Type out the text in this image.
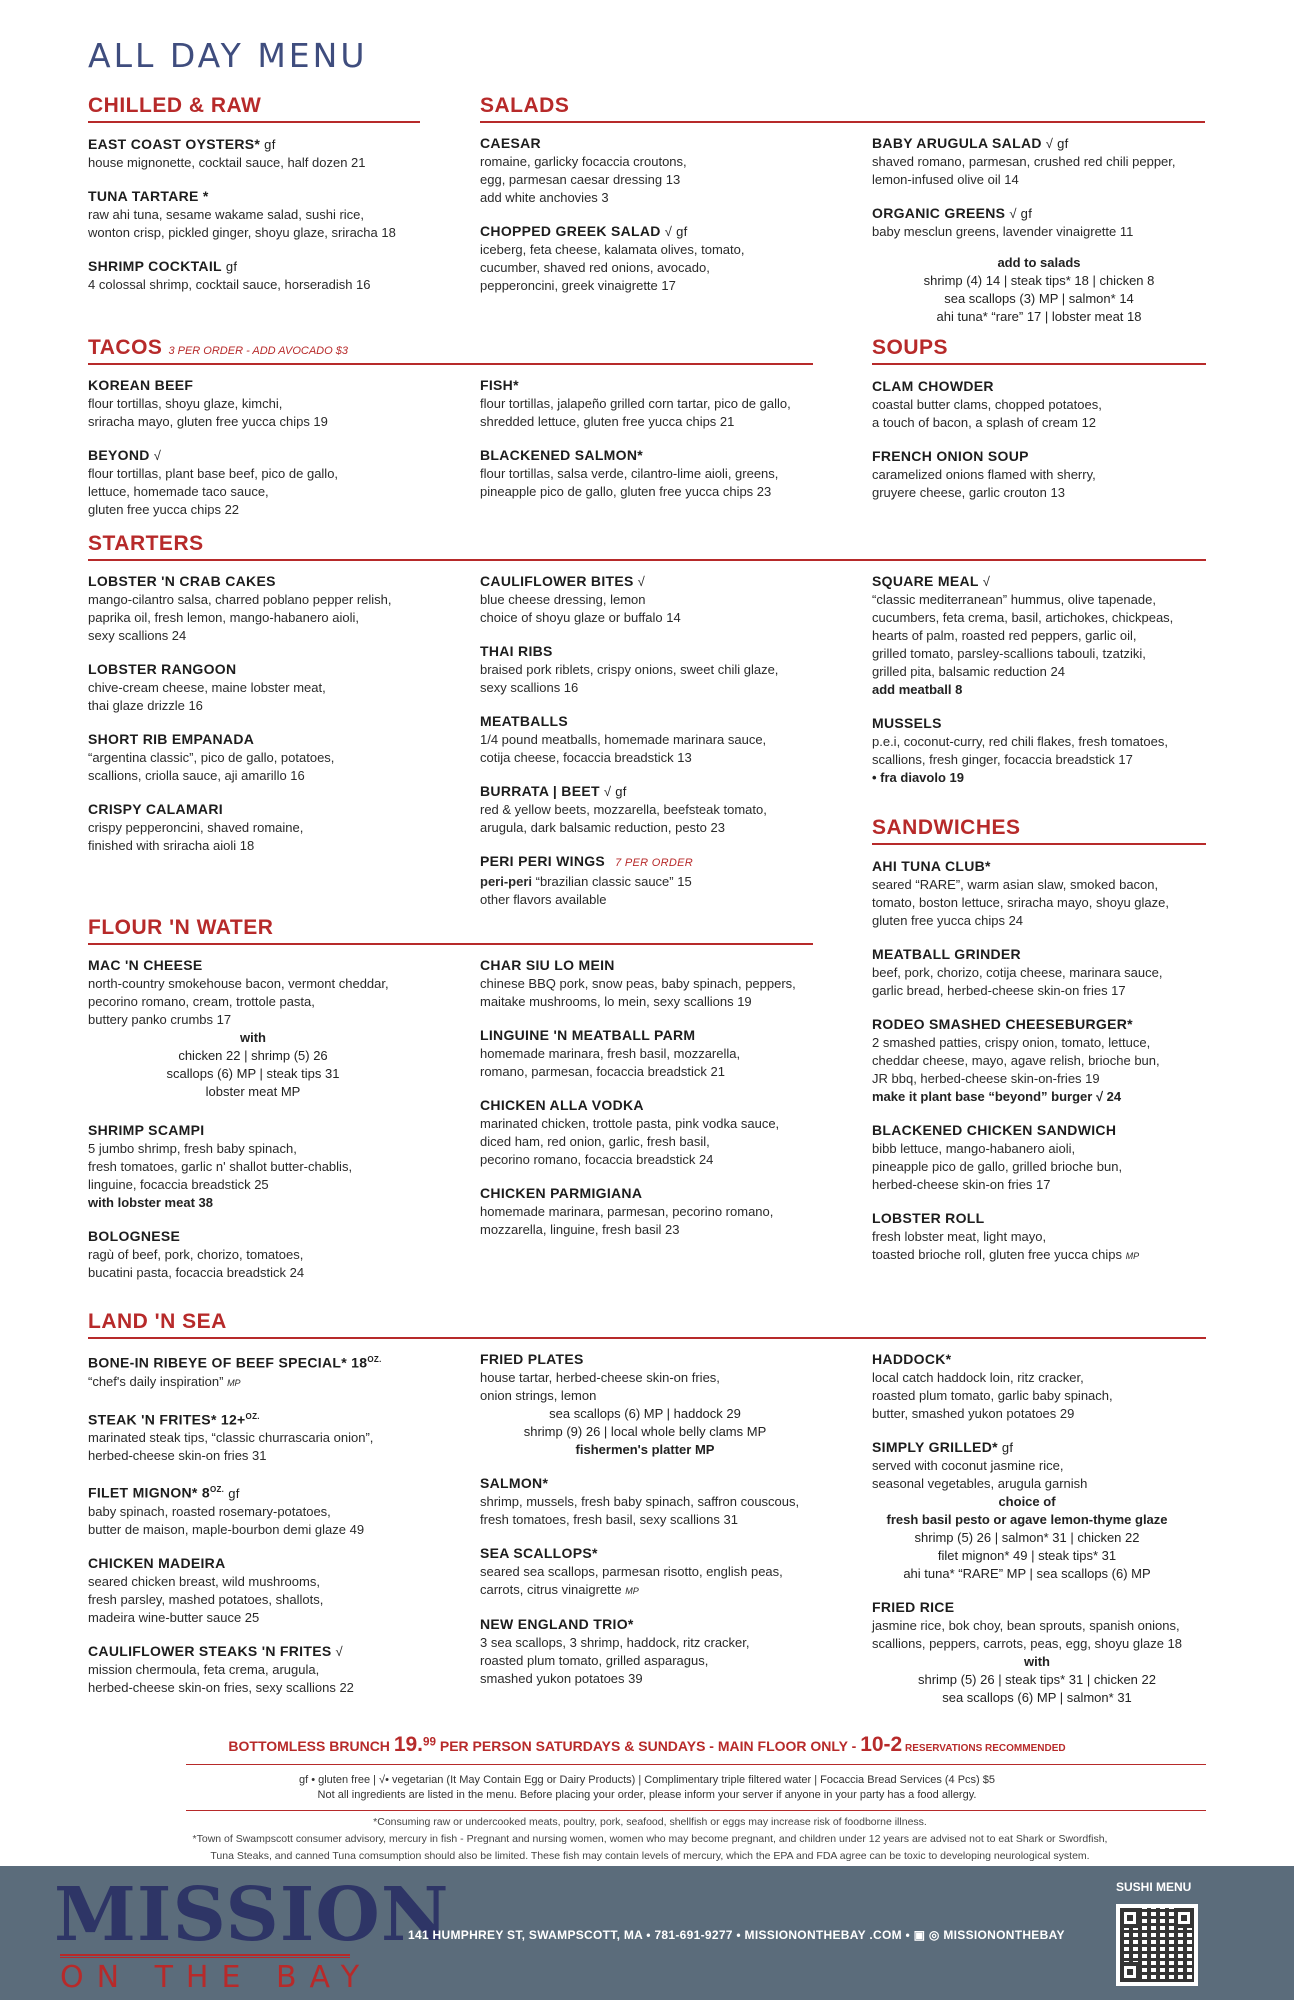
ALL DAY MENU
CHILLED & RAW
EAST COAST OYSTERS* gf
house mignonette, cocktail sauce, half dozen 21
TUNA TARTARE *
raw ahi tuna, sesame wakame salad, sushi rice,
wonton crisp, pickled ginger, shoyu glaze, sriracha 18
SHRIMP COCKTAIL gf
4 colossal shrimp, cocktail sauce, horseradish 16
SALADS
CAESAR
romaine, garlicky focaccia croutons,
egg, parmesan caesar dressing 13
add white anchovies 3
CHOPPED GREEK SALAD √ gf
iceberg, feta cheese, kalamata olives, tomato,
cucumber, shaved red onions, avocado,
pepperoncini, greek vinaigrette 17
BABY ARUGULA SALAD √ gf
shaved romano, parmesan, crushed red chili pepper,
lemon-infused olive oil 14
ORGANIC GREENS √ gf
baby mesclun greens, lavender vinaigrette 11
add to salads
shrimp (4) 14 | steak tips* 18 | chicken 8
sea scallops (3) MP | salmon* 14
ahi tuna* “rare” 17 | lobster meat 18
TACOS 3 PER ORDER - ADD AVOCADO $3
KOREAN BEEF
flour tortillas, shoyu glaze, kimchi,
sriracha mayo, gluten free yucca chips 19
BEYOND √
flour tortillas, plant base beef, pico de gallo,
lettuce, homemade taco sauce,
gluten free yucca chips 22
FISH*
flour tortillas, jalapeño grilled corn tartar, pico de gallo,
shredded lettuce, gluten free yucca chips 21
BLACKENED SALMON*
flour tortillas, salsa verde, cilantro-lime aioli, greens,
pineapple pico de gallo, gluten free yucca chips 23
SOUPS
CLAM CHOWDER
coastal butter clams, chopped potatoes,
a touch of bacon, a splash of cream 12
FRENCH ONION SOUP
caramelized onions flamed with sherry,
gruyere cheese, garlic crouton 13
STARTERS
LOBSTER 'N CRAB CAKES
mango-cilantro salsa, charred poblano pepper relish,
paprika oil, fresh lemon, mango-habanero aioli,
sexy scallions 24
LOBSTER RANGOON
chive-cream cheese, maine lobster meat,
thai glaze drizzle 16
SHORT RIB EMPANADA
“argentina classic”, pico de gallo, potatoes,
scallions, criolla sauce, aji amarillo 16
CRISPY CALAMARI
crispy pepperoncini, shaved romaine,
finished with sriracha aioli 18
CAULIFLOWER BITES √
blue cheese dressing, lemon
choice of shoyu glaze or buffalo 14
THAI RIBS
braised pork riblets, crispy onions, sweet chili glaze,
sexy scallions 16
MEATBALLS
1/4 pound meatballs, homemade marinara sauce,
cotija cheese, focaccia breadstick 13
BURRATA | BEET √ gf
red & yellow beets, mozzarella, beefsteak tomato,
arugula, dark balsamic reduction, pesto 23
PERI PERI WINGS 7 PER ORDER
peri-peri “brazilian classic sauce” 15
other flavors available
SQUARE MEAL √
“classic mediterranean” hummus, olive tapenade,
cucumbers, feta crema, basil, artichokes, chickpeas,
hearts of palm, roasted red peppers, garlic oil,
grilled tomato, parsley-scallions tabouli, tzatziki,
grilled pita, balsamic reduction 24
add meatball 8
MUSSELS
p.e.i, coconut-curry, red chili flakes, fresh tomatoes,
scallions, fresh ginger, focaccia breadstick 17
• fra diavolo 19
SANDWICHES
AHI TUNA CLUB*
seared “RARE”, warm asian slaw, smoked bacon,
tomato, boston lettuce, sriracha mayo, shoyu glaze,
gluten free yucca chips 24
MEATBALL GRINDER
beef, pork, chorizo, cotija cheese, marinara sauce,
garlic bread, herbed-cheese skin-on fries 17
RODEO SMASHED CHEESEBURGER*
2 smashed patties, crispy onion, tomato, lettuce,
cheddar cheese, mayo, agave relish, brioche bun,
JR bbq, herbed-cheese skin-on-fries 19
make it plant base “beyond” burger √ 24
BLACKENED CHICKEN SANDWICH
bibb lettuce, mango-habanero aioli,
pineapple pico de gallo, grilled brioche bun,
herbed-cheese skin-on fries 17
LOBSTER ROLL
fresh lobster meat, light mayo,
toasted brioche roll, gluten free yucca chips MP
FLOUR 'N WATER
MAC 'N CHEESE
north-country smokehouse bacon, vermont cheddar,
pecorino romano, cream, trottole pasta,
buttery panko crumbs 17
with
chicken 22 | shrimp (5) 26
scallops (6) MP | steak tips 31
lobster meat MP
SHRIMP SCAMPI
5 jumbo shrimp, fresh baby spinach,
fresh tomatoes, garlic n' shallot butter-chablis,
linguine, focaccia breadstick 25
with lobster meat 38
BOLOGNESE
ragù of beef, pork, chorizo, tomatoes,
bucatini pasta, focaccia breadstick 24
CHAR SIU LO MEIN
chinese BBQ pork, snow peas, baby spinach, peppers,
maitake mushrooms, lo mein, sexy scallions 19
LINGUINE 'N MEATBALL PARM
homemade marinara, fresh basil, mozzarella,
romano, parmesan, focaccia breadstick 21
CHICKEN ALLA VODKA
marinated chicken, trottole pasta, pink vodka sauce,
diced ham, red onion, garlic, fresh basil,
pecorino romano, focaccia breadstick 24
CHICKEN PARMIGIANA
homemade marinara, parmesan, pecorino romano,
mozzarella, linguine, fresh basil 23
LAND 'N SEA
BONE-IN RIBEYE OF BEEF SPECIAL* $18^{OZ.}$
“chef's daily inspiration” MP
STEAK 'N FRITES* 12+$^{OZ.}$
marinated steak tips, “classic churrascaria onion”,
herbed-cheese skin-on fries 31
FILET MIGNON* $8^{OZ.}$ gf
baby spinach, roasted rosemary-potatoes,
butter de maison, maple-bourbon demi glaze 49
CHICKEN MADEIRA
seared chicken breast, wild mushrooms,
fresh parsley, mashed potatoes, shallots,
madeira wine-butter sauce 25
CAULIFLOWER STEAKS 'N FRITES √
mission chermoula, feta crema, arugula,
herbed-cheese skin-on fries, sexy scallions 22
FRIED PLATES
house tartar, herbed-cheese skin-on fries,
onion strings, lemon
sea scallops (6) MP | haddock 29
shrimp (9) 26 | local whole belly clams MP
fishermen's platter MP
SALMON*
shrimp, mussels, fresh baby spinach, saffron couscous,
fresh tomatoes, fresh basil, sexy scallions 31
SEA SCALLOPS*
seared sea scallops, parmesan risotto, english peas,
carrots, citrus vinaigrette MP
NEW ENGLAND TRIO*
3 sea scallops, 3 shrimp, haddock, ritz cracker,
roasted plum tomato, grilled asparagus,
smashed yukon potatoes 39
HADDOCK*
local catch haddock loin, ritz cracker,
roasted plum tomato, garlic baby spinach,
butter, smashed yukon potatoes 29
SIMPLY GRILLED* gf
served with coconut jasmine rice,
seasonal vegetables, arugula garnish
choice of
fresh basil pesto or agave lemon-thyme glaze
shrimp (5) 26 | salmon* 31 | chicken 22
filet mignon* 49 | steak tips* 31
ahi tuna* “RARE” MP | sea scallops (6) MP
FRIED RICE
jasmine rice, bok choy, bean sprouts, spanish onions,
scallions, peppers, carrots, peas, egg, shoyu glaze 18
with
shrimp (5) 26 | steak tips* 31 | chicken 22
sea scallops (6) MP | salmon* 31
BOTTOMLESS BRUNCH 19.99 PER PERSON SATURDAYS & SUNDAYS - MAIN FLOOR ONLY - 10-2 RESERVATIONS RECOMMENDED
gf • gluten free | √• vegetarian (It May Contain Egg or Dairy Products) | Complimentary triple filtered water | Focaccia Bread Services (4 Pcs) $5
Not all ingredients are listed in the menu. Before placing your order, please inform your server if anyone in your party has a food allergy.
*Consuming raw or undercooked meats, poultry, pork, seafood, shellfish or eggs may increase risk of foodborne illness.
*Town of Swampscott consumer advisory, mercury in fish - Pregnant and nursing women, women who may become pregnant, and children under 12 years are advised not to eat Shark or Swordfish,
Tuna Steaks, and canned Tuna comsumption should also be limited. These fish may contain levels of mercury, which the EPA and FDA agree can be toxic to developing neurological system.
MISSION
ON THE BAY
141 HUMPHREY ST, SWAMPSCOTT, MA • 781-691-9277 • MISSIONONTHEBAY .COM • ▣ ◎ MISSIONONTHEBAY
SUSHI MENU
